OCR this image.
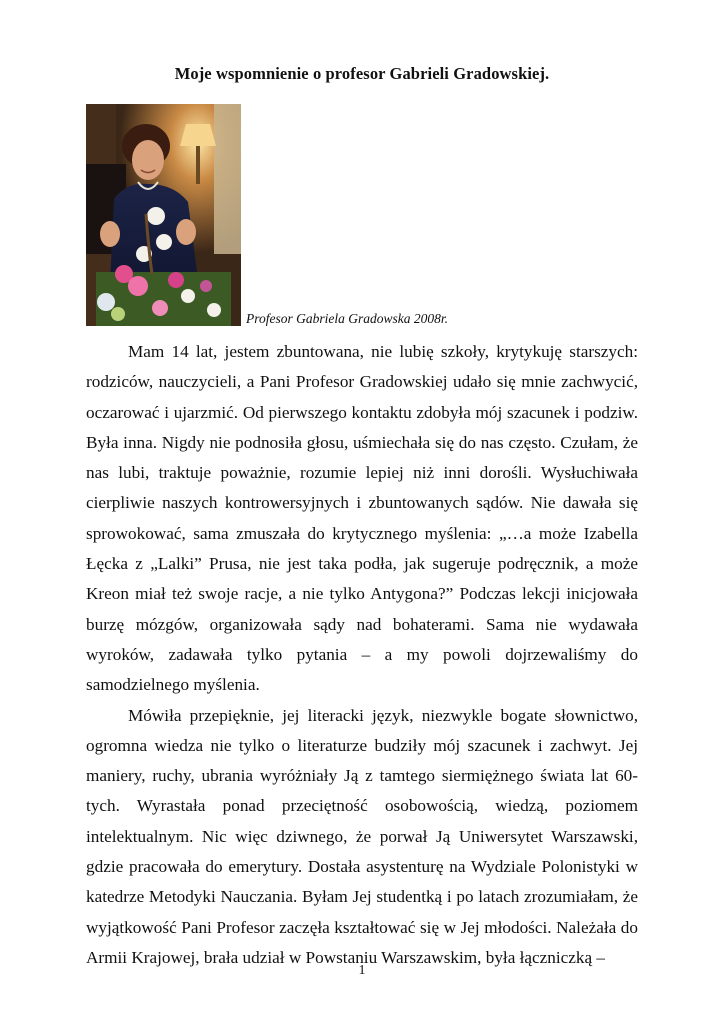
Moje wspomnienie o profesor Gabrieli Gradowskiej.
Profesor Gabriela Gradowska 2008r.

Mam 14 lat, jestem zbuntowana, nie lubię szkoły, krytykuję starszych: rodziców, nauczycieli, a Pani Profesor Gradowskiej udało się mnie zachwycić, oczarować i ujarzmić. Od pierwszego kontaktu zdobyła mój szacunek i podziw. Była inna. Nigdy nie podnosiła głosu, uśmiechała się do nas często. Czułam, że nas lubi, traktuje poważnie, rozumie lepiej niż inni dorośli. Wysłuchiwała cierpliwie naszych kontrowersyjnych i zbuntowanych sądów. Nie dawała się sprowokować, sama zmuszała do krytycznego myślenia: „…a może Izabella Łęcka z „Lalki” Prusa, nie jest taka podła, jak sugeruje podręcznik, a może Kreon miał też swoje racje, a nie tylko Antygona?” Podczas lekcji inicjowała burzę mózgów, organizowała sądy nad bohaterami. Sama nie wydawała wyroków, zadawała tylko pytania – a my powoli dojrzewaliśmy do samodzielnego myślenia.

Mówiła przepięknie, jej literacki język, niezwykle bogate słownictwo, ogromna wiedza nie tylko o literaturze budziły mój szacunek i zachwyt. Jej maniery, ruchy, ubrania wyróżniały Ją z tamtego siermiężnego świata lat 60-tych. Wyrastała ponad przeciętność osobowością, wiedzą, poziomem intelektualnym. Nic więc dziwnego, że porwał Ją Uniwersytet Warszawski, gdzie pracowała do emerytury. Dostała asystenturę na Wydziale Polonistyki w katedrze Metodyki Nauczania. Byłam Jej studentką i po latach zrozumiałam, że wyjątkowość Pani Profesor zaczęła kształtować się w Jej młodości. Należała do Armii Krajowej, brała udział w Powstaniu Warszawskim, była łączniczką –

1
